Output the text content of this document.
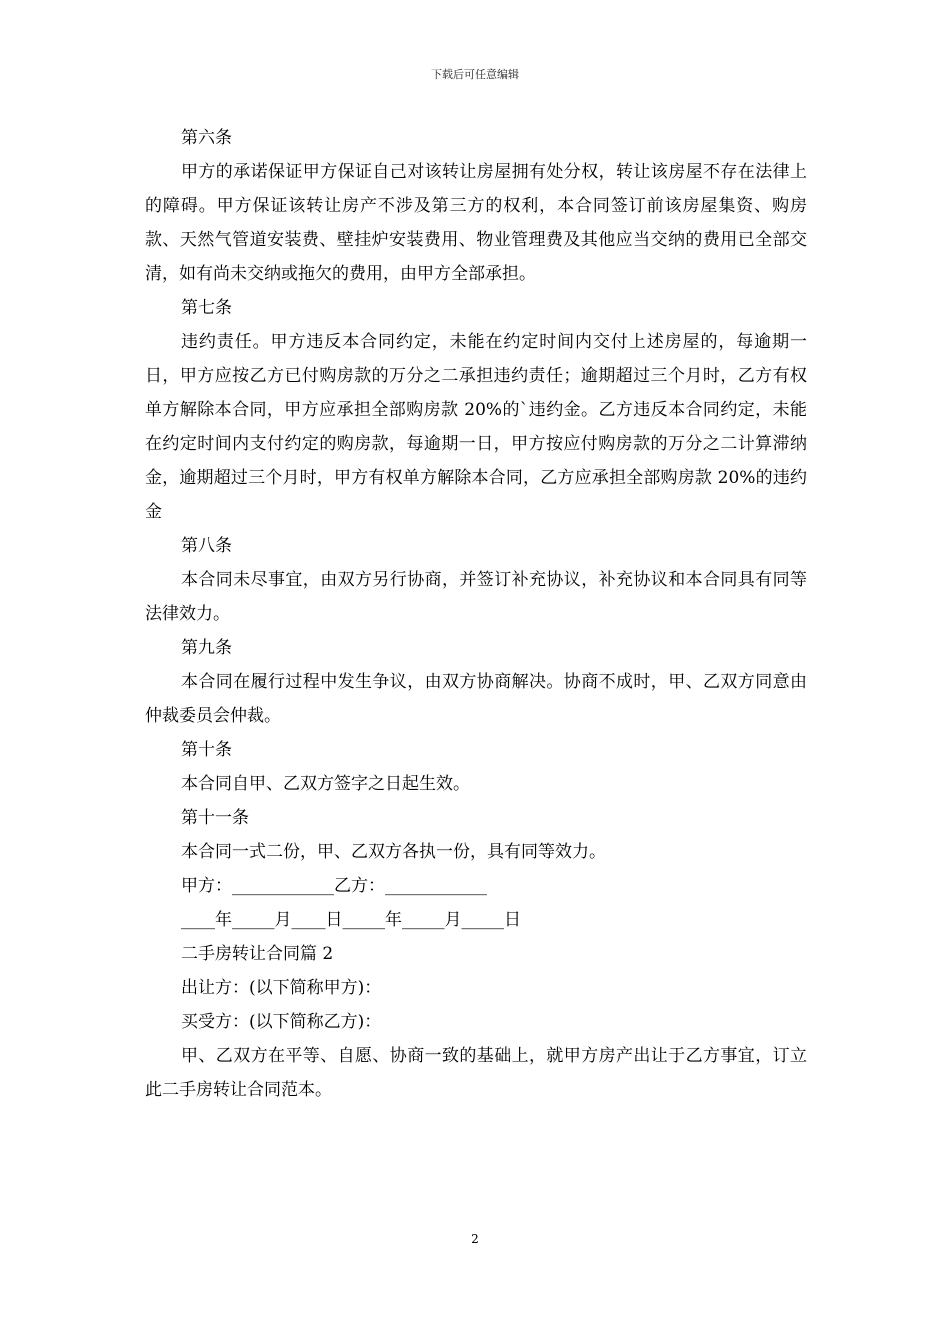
下载后可任意编辑

第六条

甲方的承诺保证甲方保证自己对该转让房屋拥有处分权，转让该房屋不存在法律上的障碍。甲方保证该转让房产不涉及第三方的权利，本合同签订前该房屋集资、购房款、天然气管道安装费、壁挂炉安装费用、物业管理费及其他应当交纳的费用已全部交清，如有尚未交纳或拖欠的费用，由甲方全部承担。

第七条

违约责任。甲方违反本合同约定，未能在约定时间内交付上述房屋的，每逾期一日，甲方应按乙方已付购房款的万分之二承担违约责任；逾期超过三个月时，乙方有权单方解除本合同，甲方应承担全部购房款 20%的`违约金。乙方违反本合同约定，未能在约定时间内支付约定的购房款，每逾期一日，甲方按应付购房款的万分之二计算滞纳金，逾期超过三个月时，甲方有权单方解除本合同，乙方应承担全部购房款 20%的违约金

第八条

本合同未尽事宜，由双方另行协商，并签订补充协议，补充协议和本合同具有同等法律效力。

第九条

本合同在履行过程中发生争议，由双方协商解决。协商不成时，甲、乙双方同意由仲裁委员会仲裁。

第十条

本合同自甲、乙双方签字之日起生效。

第十一条

本合同一式二份，甲、乙双方各执一份，具有同等效力。

甲方：____________乙方：____________

____年_____月____日_____年_____月_____日

二手房转让合同篇 2

出让方：(以下简称甲方)：

买受方：(以下简称乙方)：

甲、乙双方在平等、自愿、协商一致的基础上，就甲方房产出让于乙方事宜，订立此二手房转让合同范本。

2
